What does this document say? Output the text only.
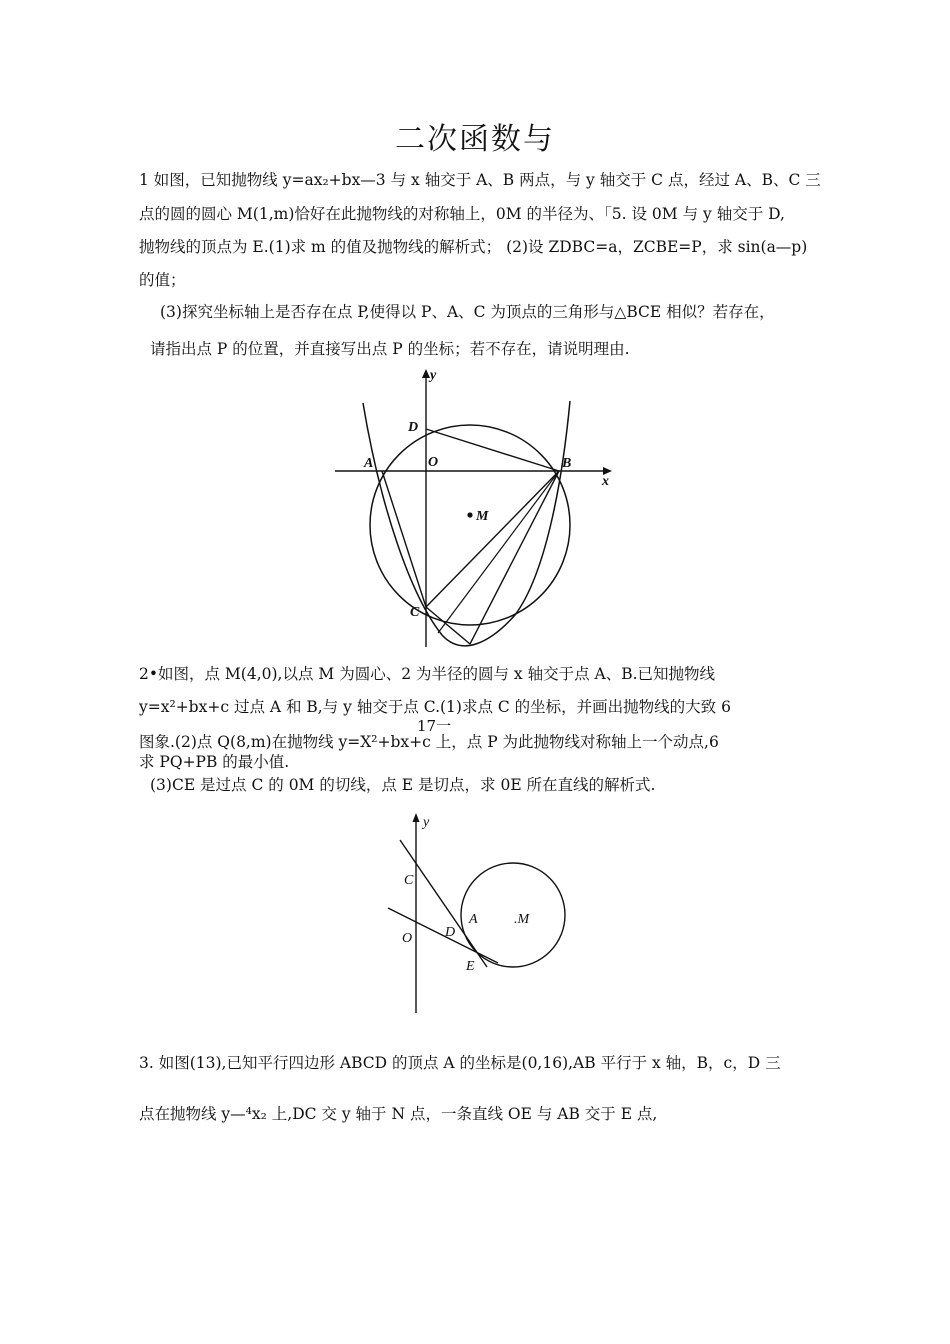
二次函数与
1 如图，已知抛物线 y=ax₂+bx—3 与 x 轴交于 A、B 两点，与 y 轴交于 C 点，经过 A、B、C 三
点的圆的圆心 M(1,m)恰好在此抛物线的对称轴上，0M 的半径为、「5. 设 0M 与 y 轴交于 D,
抛物线的顶点为 E.(1)求 m 的值及抛物线的解析式； (2)设 ZDBC=a，ZCBE=P，求 sin(a—p)
的值；
(3)探究坐标轴上是否存在点 P,使得以 P、A、C 为顶点的三角形与△BCE 相似？若存在，
请指出点 P 的位置，并直接写出点 P 的坐标；若不存在，请说明理由.
y
x
D
O
A	B
M
C
2•如图，点 M(4,0),以点 M 为圆心、2 为半径的圆与 x 轴交于点 A、B.已知抛物线
y=x²+bx+c 过点 A 和 B,与 y 轴交于点 C.(1)求点 C 的坐标，并画出抛物线的大致 6
17一
图象.(2)点 Q(8,m)在抛物线 y=X²+bx+c 上，点 P 为此抛物线对称轴上一个动点,6
求 PQ+PB 的最小值.
(3)CE 是过点 C 的 0M 的切线，点 E 是切点，求 0E 所在直线的解析式.
y
C
A	.M
O D
E
3. 如图(13),已知平行四边形 ABCD 的顶点 A 的坐标是(0,16),AB 平行于 x 轴，B，c，D 三
点在抛物线 y—⁴x₂ 上,DC 交 y 轴于 N 点，一条直线 OE 与 AB 交于 E 点,
